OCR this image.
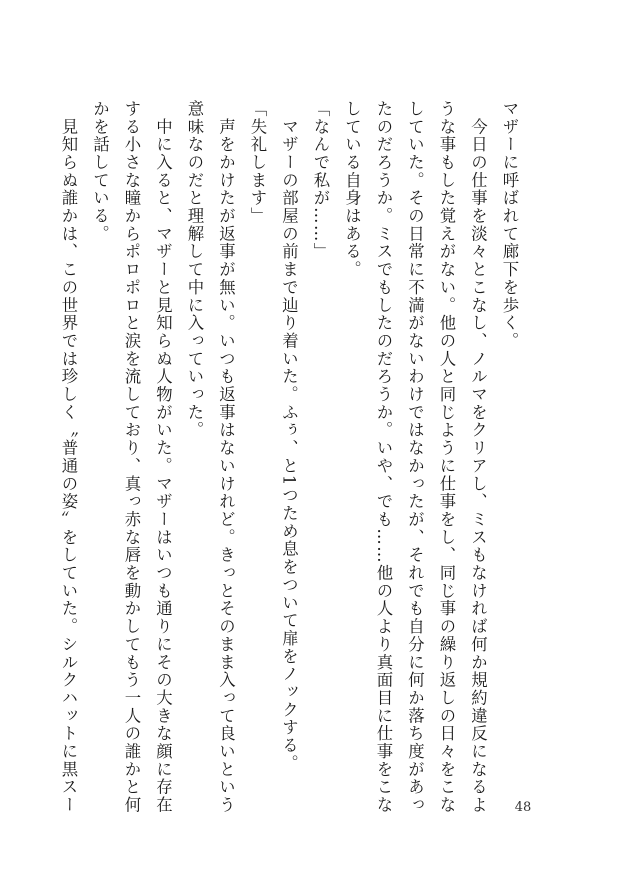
マザーに呼ばれて廊下を歩く。
　今日の仕事を淡々とこなし、ノルマをクリアし、ミスもなければ何か規約違反になるよ
うな事もした覚えがない。他の人と同じように仕事をし、同じ事の繰り返しの日々をこな
していた。その日常に不満がないわけではなかったが、それでも自分に何か落ち度があっ
たのだろうか。ミスでもしたのだろうか。いや、でも……他の人より真面目に仕事をこな
している自身はある。
「なんで私が……」
　マザーの部屋の前まで辿り着いた。ふぅ、と1つため息をついて扉をノックする。
「失礼します」
　声をかけたが返事が無い。いつも返事はないけれど。きっとそのまま入って良いという
意味なのだと理解して中に入っていった。
　中に入ると、マザーと見知らぬ人物がいた。マザーはいつも通りにその大きな顔に存在
する小さな瞳からポロポロと涙を流しており、真っ赤な唇を動かしてもう一人の誰かと何
かを話している。
　見知らぬ誰かは、この世界では珍しく〝普通の姿〟をしていた。シルクハットに黒スー	48
